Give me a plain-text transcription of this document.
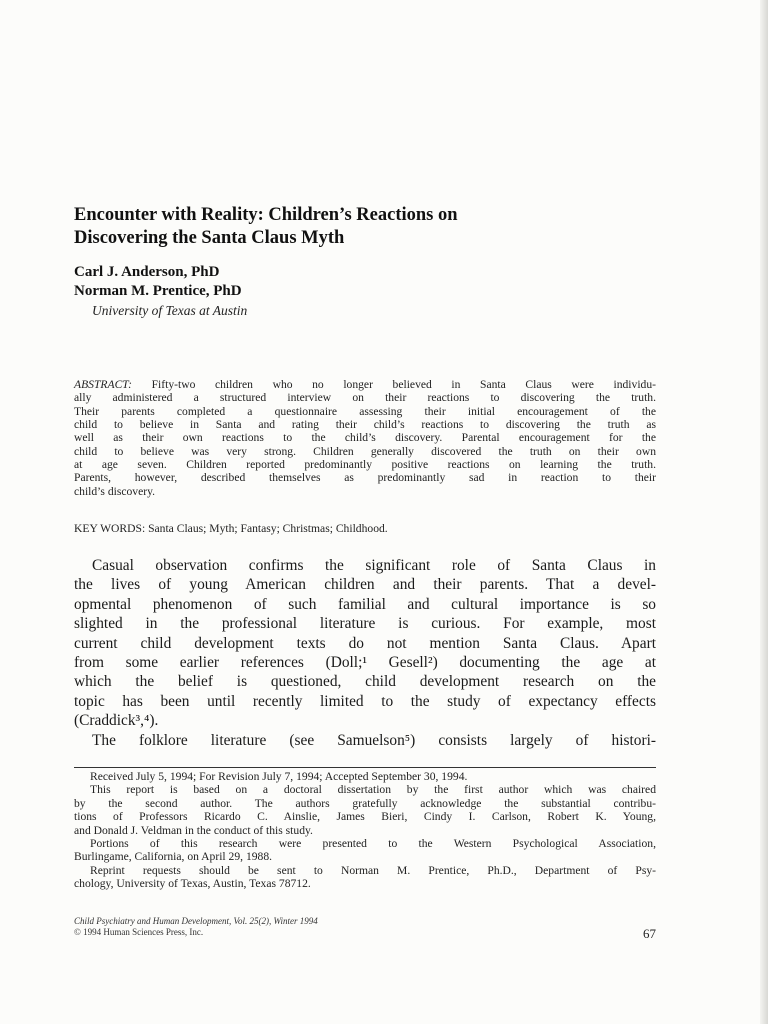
Encounter with Reality: Children’s Reactions on
Discovering the Santa Claus Myth
Carl J. Anderson, PhD
Norman M. Prentice, PhD
University of Texas at Austin
ABSTRACT: Fifty-two children who no longer believed in Santa Claus were individu-
ally administered a structured interview on their reactions to discovering the truth.
Their parents completed a questionnaire assessing their initial encouragement of the
child to believe in Santa and rating their child’s reactions to discovering the truth as
well as their own reactions to the child’s discovery. Parental encouragement for the
child to believe was very strong. Children generally discovered the truth on their own
at age seven. Children reported predominantly positive reactions on learning the truth.
Parents, however, described themselves as predominantly sad in reaction to their
child’s discovery.
KEY WORDS: Santa Claus; Myth; Fantasy; Christmas; Childhood.
Casual observation confirms the significant role of Santa Claus in
the lives of young American children and their parents. That a devel-
opmental phenomenon of such familial and cultural importance is so
slighted in the professional literature is curious. For example, most
current child development texts do not mention Santa Claus. Apart
from some earlier references (Doll;¹ Gesell²) documenting the age at
which the belief is questioned, child development research on the
topic has been until recently limited to the study of expectancy effects
(Craddick³,⁴).
The folklore literature (see Samuelson⁵) consists largely of histori-
Received July 5, 1994; For Revision July 7, 1994; Accepted September 30, 1994.
This report is based on a doctoral dissertation by the first author which was chaired
by the second author. The authors gratefully acknowledge the substantial contribu-
tions of Professors Ricardo C. Ainslie, James Bieri, Cindy I. Carlson, Robert K. Young,
and Donald J. Veldman in the conduct of this study.
Portions of this research were presented to the Western Psychological Association,
Burlingame, California, on April 29, 1988.
Reprint requests should be sent to Norman M. Prentice, Ph.D., Department of Psy-
chology, University of Texas, Austin, Texas 78712.
Child Psychiatry and Human Development, Vol. 25(2), Winter 1994
© 1994 Human Sciences Press, Inc.	67
